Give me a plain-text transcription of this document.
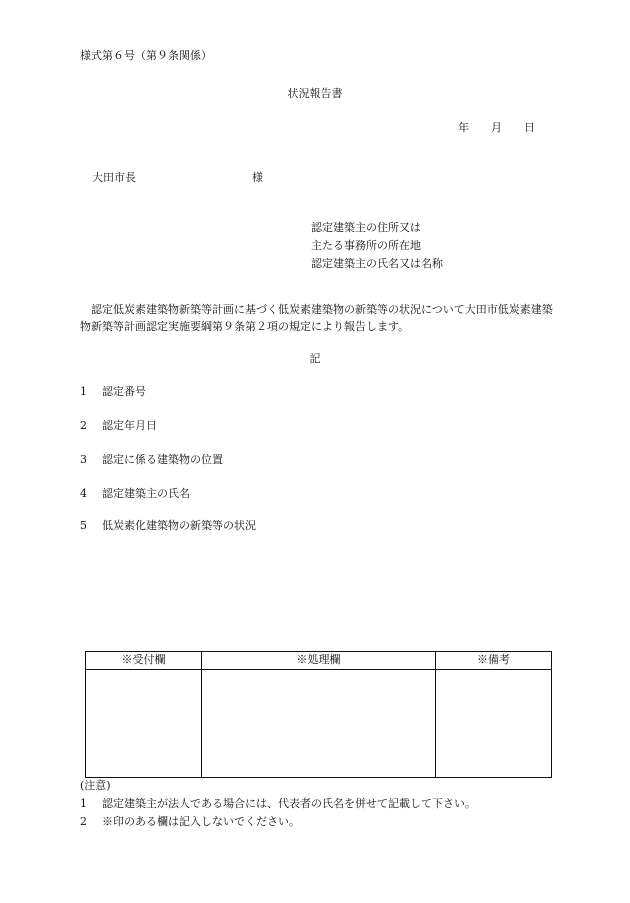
様式第６号（第９条関係）
状況報告書
年 月 日
大田市長	様
認定建築主の住所又は
主たる事務所の所在地
認定建築主の氏名又は名称
認定低炭素建築物新築等計画に基づく低炭素建築物の新築等の状況について大田市低炭素建築物新築等計画認定実施要綱第９条第２項の規定により報告します。
記
1 認定番号
2 認定年月日
3 認定に係る建築物の位置
4 認定建築主の氏名
5 低炭素化建築物の新築等の状況
※受付欄	※処理欄	※備考

(注意)
1 認定建築主が法人である場合には、代表者の氏名を併せて記載して下さい。
2 ※印のある欄は記入しないでください。
